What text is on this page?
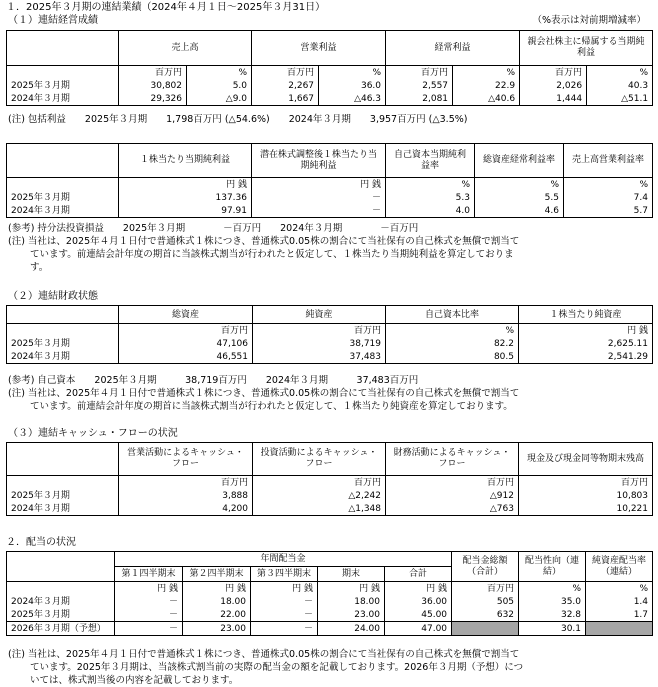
１．2025年３月期の連結業績（2024年４月１日～2025年３月31日）
（１）連結経営成績	（%表示は対前期増減率）
	売上高		営業利益		経常利益		親会社株主に帰属する当期純利益	
	百万円	%	百万円	%	百万円	%	百万円	%
2025年３月期	30,802	5.0	2,267	36.0	2,557	22.9	2,026	40.3
2024年３月期	29,326	△9.0	1,667	△46.3	2,081	△40.6	1,444	△51.1
(注) 包括利益　　2025年３月期　　1,798百万円 (△54.6%)　　2024年３月期　　3,957百万円 (△3.5%)
	１株当たり当期純利益	潜在株式調整後１株当たり当期純利益	自己資本当期純利益率	総資産経常利益率	売上高営業利益率
	円 銭	円 銭	%	%	%
2025年３月期	137.36	－	5.3	5.5	7.4
2024年３月期	97.91	－	4.0	4.6	5.7
(参考) 持分法投資損益　　2025年３月期　　　　－百万円　　2024年３月期　　　　－百万円
(注) 当社は、2025年４月１日付で普通株式１株につき、普通株式0.05株の割合にて当社保有の自己株式を無償で割当て
　　 ています。前連結会計年度の期首に当該株式割当が行われたと仮定して、１株当たり当期純利益を算定しておりま
　　 す。
（２）連結財政状態
	総資産	純資産	自己資本比率	１株当たり純資産
	百万円	百万円	%	円 銭
2025年３月期	47,106	38,719	82.2	2,625.11
2024年３月期	46,551	37,483	80.5	2,541.29
(参考) 自己資本　　2025年３月期　　　38,719百万円　　2024年３月期　　　37,483百万円
(注) 当社は、2025年４月１日付で普通株式１株につき、普通株式0.05株の割合にて当社保有の自己株式を無償で割当て
　　 ています。前連結会計年度の期首に当該株式割当が行われたと仮定して、１株当たり純資産を算定しております。
（３）連結キャッシュ・フローの状況
	営業活動によるキャッシュ・フロー	投資活動によるキャッシュ・フロー	財務活動によるキャッシュ・フロー	現金及び現金同等物期末残高
	百万円	百万円	百万円	百万円
2025年３月期	3,888	△2,242	△912	10,803
2024年３月期	4,200	△1,348	△763	10,221
２．配当の状況
	年間配当金					配当金総額（合計）	配当性向（連結）	純資産配当率（連結）
	第１四半期末	第２四半期末	第３四半期末	期末	合計			
	円 銭	円 銭	円 銭	円 銭	円 銭	百万円	%	%
2024年３月期	－	18.00	－	18.00	36.00	505	35.0	1.4
2025年３月期	－	22.00	－	23.00	45.00	632	32.8	1.7
2026年３月期（予想）	－	23.00	－	24.00	47.00		30.1	
(注) 当社は、2025年４月１日付で普通株式１株につき、普通株式0.05株の割合にて当社保有の自己株式を無償で割当て
　　 ています。2025年３月期は、当該株式割当前の実際の配当金の額を記載しております。2026年３月期（予想）につ
　　 いては、株式割当後の内容を記載しております。
